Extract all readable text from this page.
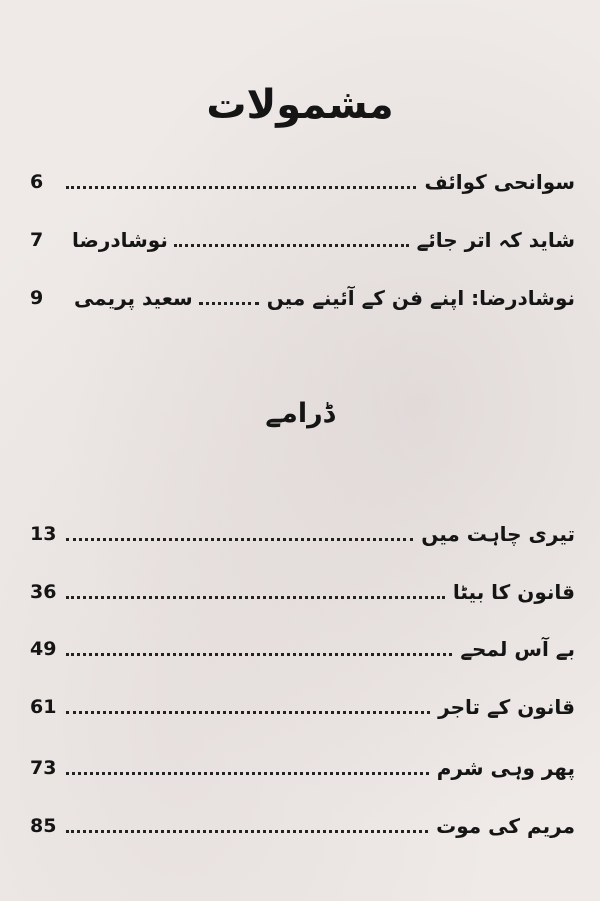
مشمولات
سوانحی کوائف
6
شاید کہ اتر جائے
نوشادرضا
7
نوشادرضا: اپنے فن کے آئینے میں
سعید پریمی
9
ڈرامے
تیری چاہت میں
13
قانون کا بیٹا
36
بے آس لمحے
49
قانون کے تاجر
61
پھر وہی شرم
73
مریم کی موت
85
